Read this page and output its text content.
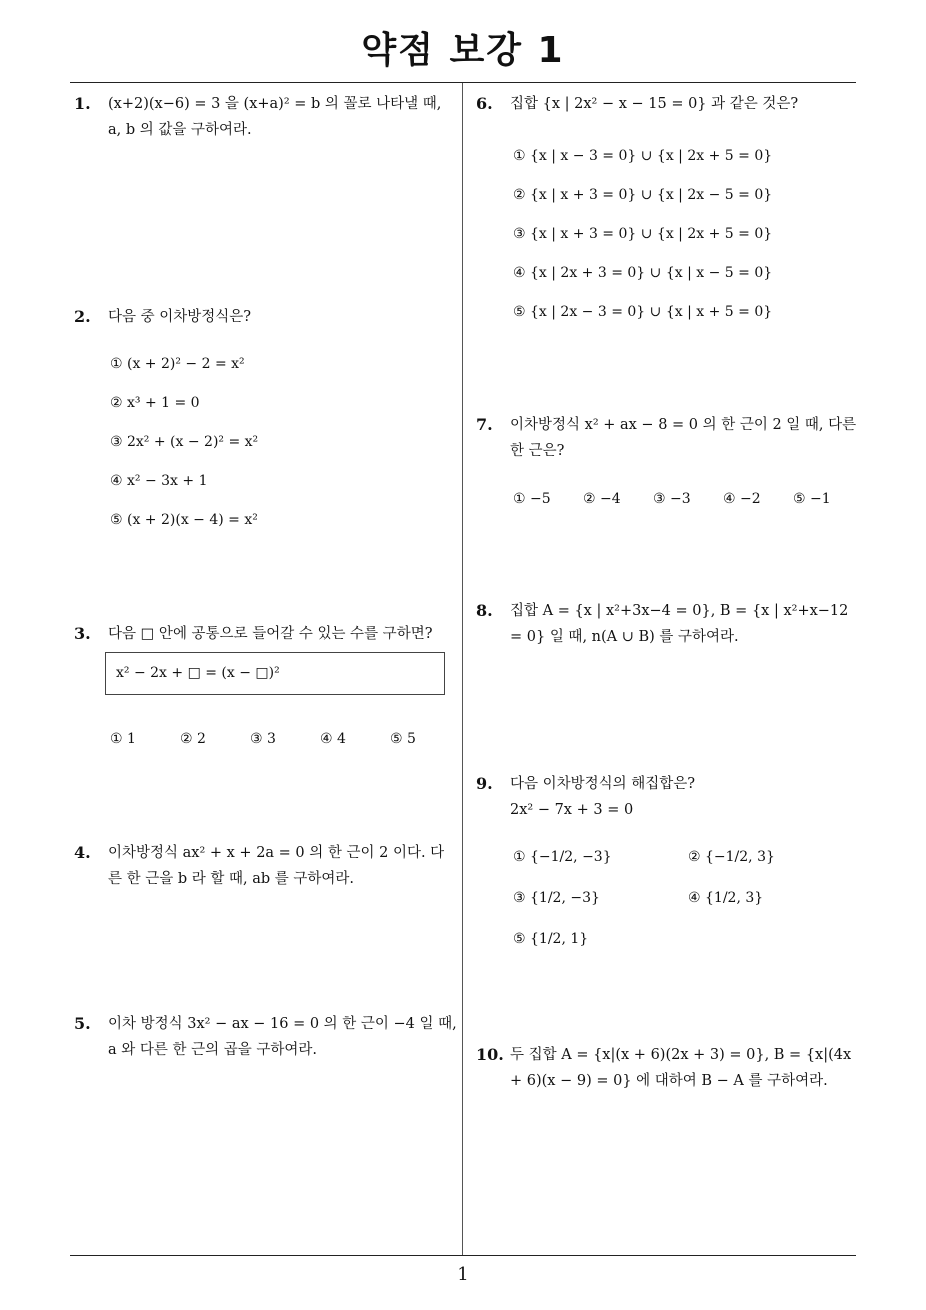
약점 보강 1
1
1. (x+2)(x−6) = 3 을 (x+a)² = b 의 꼴로 나타낼 때, a, b 의 값을 구하여라.
2. 다음 중 이차방정식은?
① (x + 2)² − 2 = x²
② x³ + 1 = 0
③ 2x² + (x − 2)² = x²
④ x² − 3x + 1
⑤ (x + 2)(x − 4) = x²
3. 다음 □ 안에 공통으로 들어갈 수 있는 수를 구하면?
x² − 2x + □ = (x − □)²
① 1	② 2	③ 3	④ 4	⑤ 5
4. 이차방정식 ax² + x + 2a = 0 의 한 근이 2 이다. 다른 한 근을 b 라 할 때, ab 를 구하여라.
5. 이차 방정식 3x² − ax − 16 = 0 의 한 근이 −4 일 때, a 와 다른 한 근의 곱을 구하여라.
6. 집합 {x | 2x² − x − 15 = 0} 과 같은 것은?
① {x | x − 3 = 0} ∪ {x | 2x + 5 = 0}
② {x | x + 3 = 0} ∪ {x | 2x − 5 = 0}
③ {x | x + 3 = 0} ∪ {x | 2x + 5 = 0}
④ {x | 2x + 3 = 0} ∪ {x | x − 5 = 0}
⑤ {x | 2x − 3 = 0} ∪ {x | x + 5 = 0}
7. 이차방정식 x² + ax − 8 = 0 의 한 근이 2 일 때, 다른 한 근은?
① −5 ② −4 ③ −3 ④ −2 ⑤ −1
8. 집합 A = {x | x²+3x−4 = 0}, B = {x | x²+x−12 = 0} 일 때, n(A ∪ B) 를 구하여라.
9. 다음 이차방정식의 해집합은?
2x² − 7x + 3 = 0
① {−1/2, −3}	② {−1/2, 3}
③ {1/2, −3}	④ {1/2, 3}
⑤ {1/2, 1}
10. 두 집합 A = {x|(x + 6)(2x + 3) = 0}, B = {x|(4x + 6)(x − 9) = 0} 에 대하여 B − A 를 구하여라.
